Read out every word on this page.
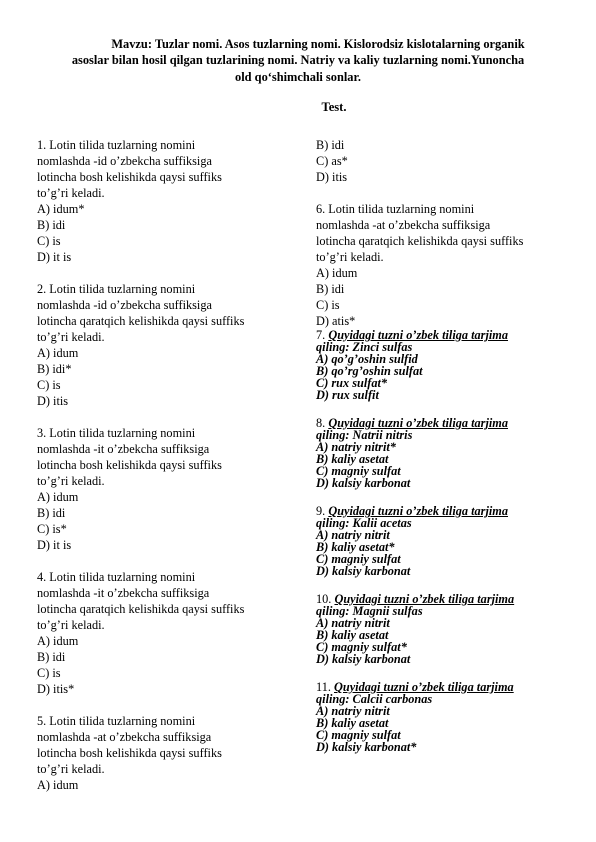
Mavzu: Tuzlar nomi. Asos tuzlarning nomi. Kislorodsiz kislotalarning organik
asoslar bilan hosil qilgan tuzlarining nomi. Natriy va kaliy tuzlarning nomi.Yunoncha
old qo‘shimchali sonlar.
Test.
1. Lotin tilida tuzlarning nomini
nomlashda -id o’zbekcha suffiksiga
lotincha bosh kelishikda qaysi suffiks
to’g’ri keladi.
A) idum*
B) idi
C) is
D) it is
2. Lotin tilida tuzlarning nomini
nomlashda -id o’zbekcha suffiksiga
lotincha qaratqich kelishikda qaysi suffiks
to’g’ri keladi.
A) idum
B) idi*
C) is
D) itis
3. Lotin tilida tuzlarning nomini
nomlashda -it o’zbekcha suffiksiga
lotincha bosh kelishikda qaysi suffiks
to’g’ri keladi.
A) idum
B) idi
C) is*
D) it is
4. Lotin tilida tuzlarning nomini
nomlashda -it o’zbekcha suffiksiga
lotincha qaratqich kelishikda qaysi suffiks
to’g’ri keladi.
A) idum
B) idi
C) is
D) itis*
5. Lotin tilida tuzlarning nomini
nomlashda -at o’zbekcha suffiksiga
lotincha bosh kelishikda qaysi suffiks
to’g’ri keladi.
A) idum
B) idi
C) as*
D) itis
6. Lotin tilida tuzlarning nomini
nomlashda -at o’zbekcha suffiksiga
lotincha qaratqich kelishikda qaysi suffiks
to’g’ri keladi.
A) idum
B) idi
C) is
D) atis*
7. Quyidagi tuzni o’zbek tiliga tarjima
qiling: Zinci sulfas
A) qo’g’oshin sulfid
B) qo’rg’oshin sulfat
C) rux sulfat*
D) rux sulfit
8. Quyidagi tuzni o’zbek tiliga tarjima
qiling: Natrii nitris
A) natriy nitrit*
B) kaliy asetat
C) magniy sulfat
D) kalsiy karbonat
9. Quyidagi tuzni o’zbek tiliga tarjima
qiling: Kalii acetas
A) natriy nitrit
B) kaliy asetat*
C) magniy sulfat
D) kalsiy karbonat
10. Quyidagi tuzni o’zbek tiliga tarjima
qiling: Magnii sulfas
A) natriy nitrit
B) kaliy asetat
C) magniy sulfat*
D) kalsiy karbonat
11. Quyidagi tuzni o’zbek tiliga tarjima
qiling: Calcii carbonas
A) natriy nitrit
B) kaliy asetat
C) magniy sulfat
D) kalsiy karbonat*
